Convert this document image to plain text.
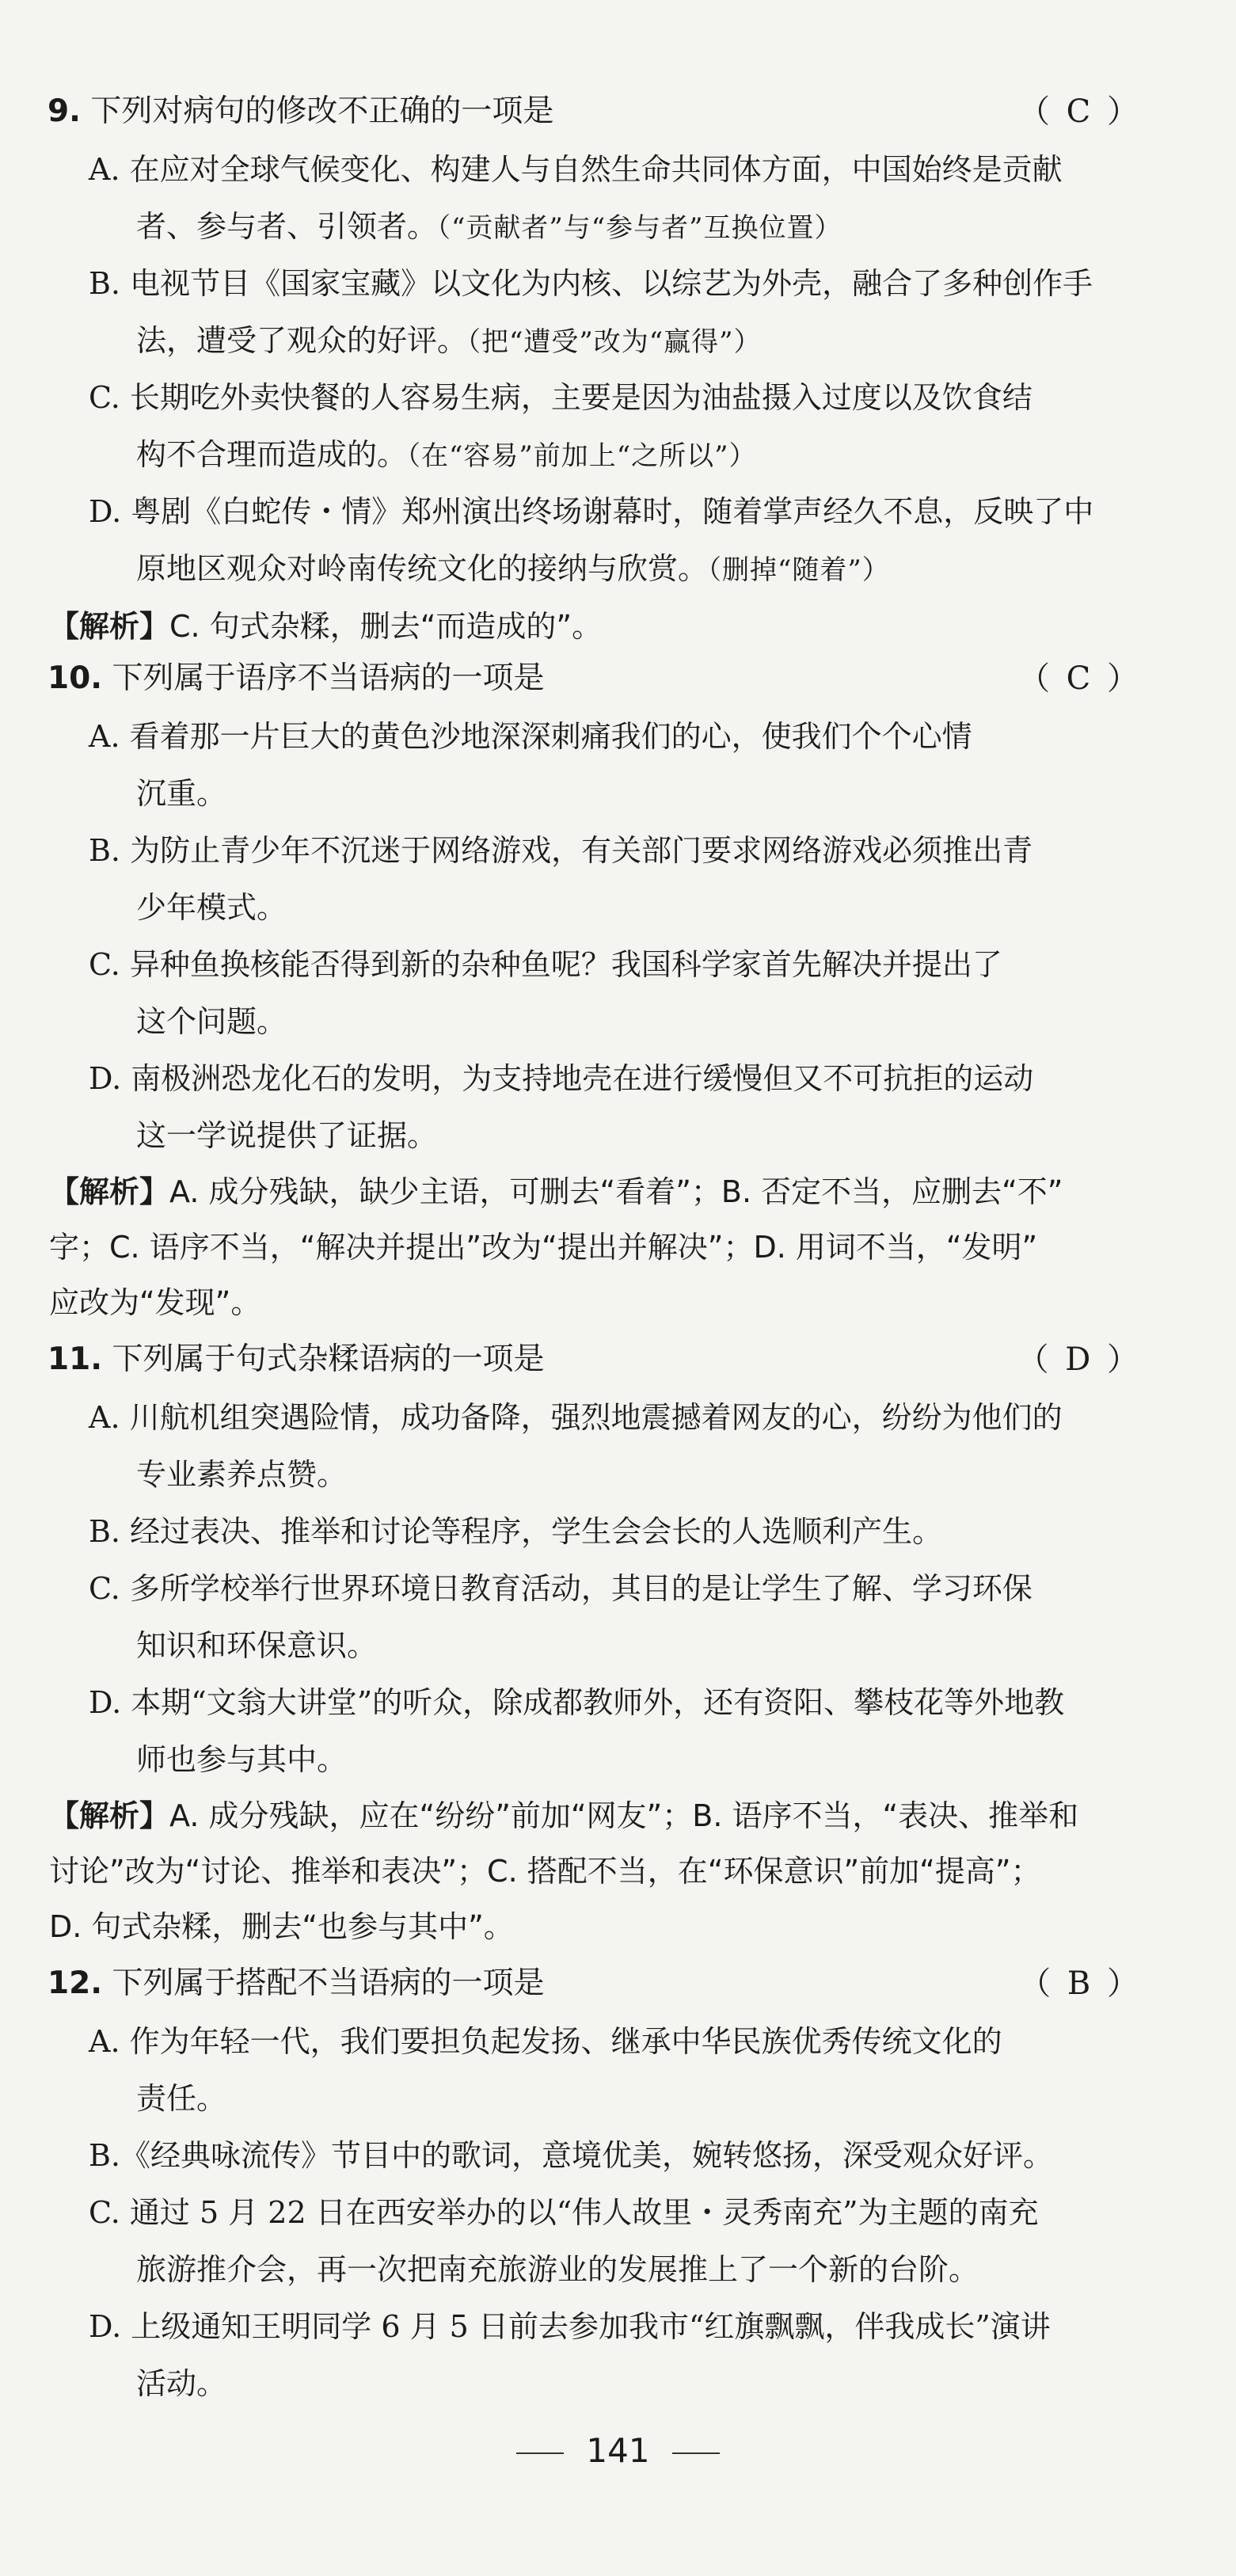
9. 下列对病句的修改不正确的一项是	（ C ）
A. 在应对全球气候变化、构建人与自然生命共同体方面，中国始终是贡献
者、参与者、引领者。（“贡献者”与“参与者”互换位置）
B. 电视节目《国家宝藏》以文化为内核、以综艺为外壳，融合了多种创作手
法，遭受了观众的好评。（把“遭受”改为“赢得”）
C. 长期吃外卖快餐的人容易生病，主要是因为油盐摄入过度以及饮食结
构不合理而造成的。（在“容易”前加上“之所以”）
D. 粤剧《白蛇传・情》郑州演出终场谢幕时，随着掌声经久不息，反映了中
原地区观众对岭南传统文化的接纳与欣赏。（删掉“随着”）
【解析】C. 句式杂糅，删去“而造成的”。
10. 下列属于语序不当语病的一项是	（ C ）
A. 看着那一片巨大的黄色沙地深深刺痛我们的心，使我们个个心情
沉重。
B. 为防止青少年不沉迷于网络游戏，有关部门要求网络游戏必须推出青
少年模式。
C. 异种鱼换核能否得到新的杂种鱼呢？我国科学家首先解决并提出了
这个问题。
D. 南极洲恐龙化石的发明，为支持地壳在进行缓慢但又不可抗拒的运动
这一学说提供了证据。
【解析】A. 成分残缺，缺少主语，可删去“看着”；B. 否定不当，应删去“不”
字；C. 语序不当，“解决并提出”改为“提出并解决”；D. 用词不当，“发明”
应改为“发现”。
11. 下列属于句式杂糅语病的一项是	（ D ）
A. 川航机组突遇险情，成功备降，强烈地震撼着网友的心，纷纷为他们的
专业素养点赞。
B. 经过表决、推举和讨论等程序，学生会会长的人选顺利产生。
C. 多所学校举行世界环境日教育活动，其目的是让学生了解、学习环保
知识和环保意识。
D. 本期“文翁大讲堂”的听众，除成都教师外，还有资阳、攀枝花等外地教
师也参与其中。
【解析】A. 成分残缺，应在“纷纷”前加“网友”；B. 语序不当，“表决、推举和
讨论”改为“讨论、推举和表决”；C. 搭配不当，在“环保意识”前加“提高”；
D. 句式杂糅，删去“也参与其中”。
12. 下列属于搭配不当语病的一项是	（ B ）
A. 作为年轻一代，我们要担负起发扬、继承中华民族优秀传统文化的
责任。
B.《经典咏流传》节目中的歌词，意境优美，婉转悠扬，深受观众好评。
C. 通过 5 月 22 日在西安举办的以“伟人故里・灵秀南充”为主题的南充
旅游推介会，再一次把南充旅游业的发展推上了一个新的台阶。
D. 上级通知王明同学 6 月 5 日前去参加我市“红旗飘飘，伴我成长”演讲
活动。
141
